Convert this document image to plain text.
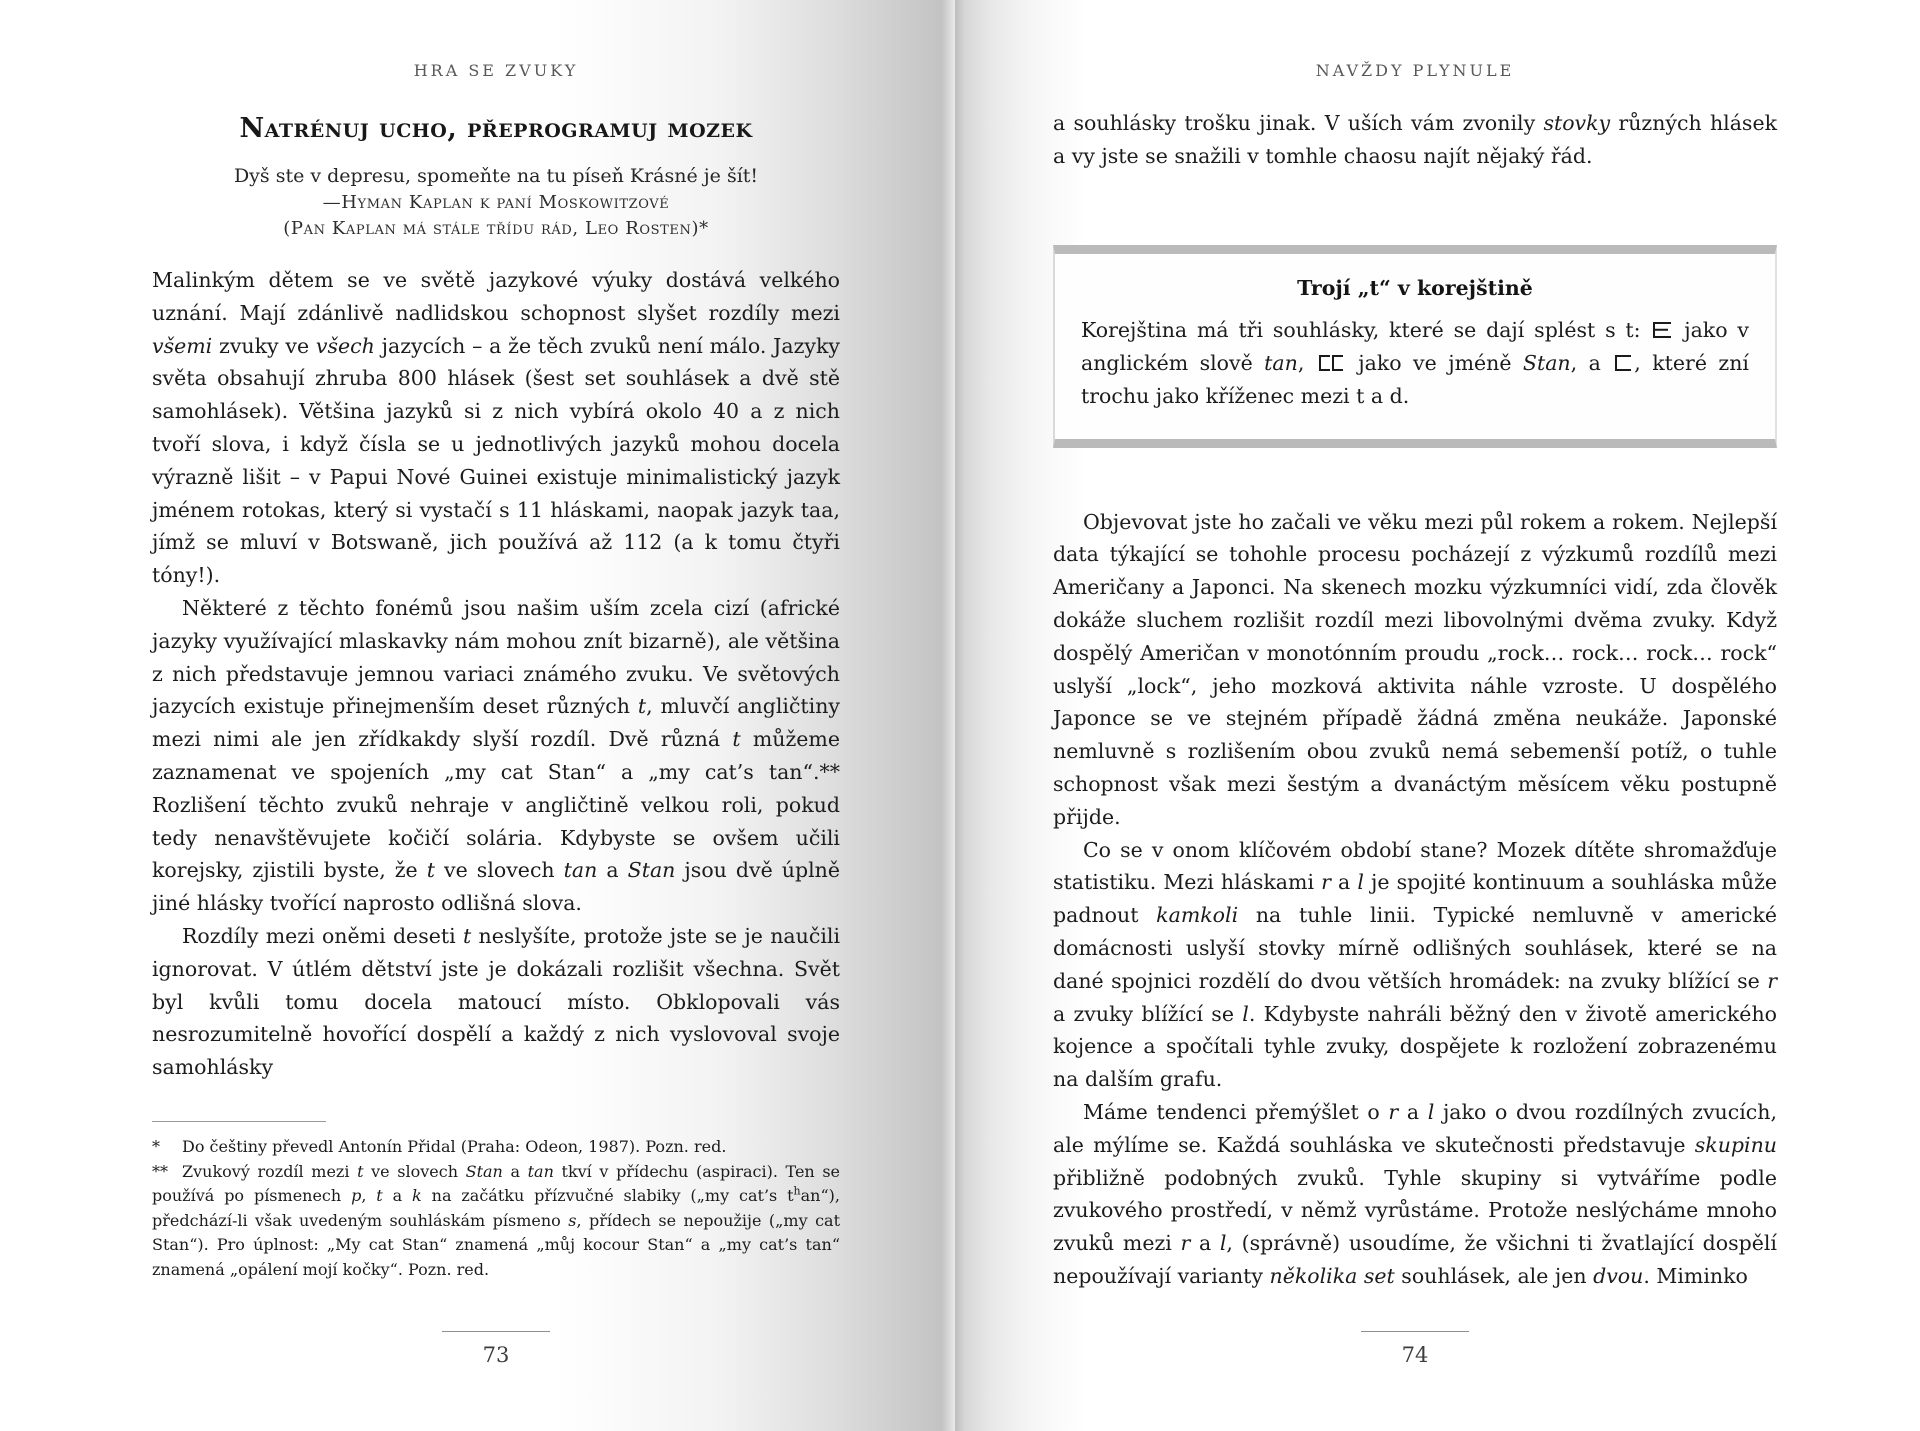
HRA SE ZVUKY
Natrénuj ucho, přeprogramuj mozek
Dyš ste v depresu, spomeňte na tu píseň Krásné je šít!
—Hyman Kaplan k paní Moskowitzové
(Pan Kaplan má stále třídu rád, Leo Rosten)*

Malinkým dětem se ve světě jazykové výuky dostává velkého uznání. Mají zdánlivě nadlidskou schopnost slyšet rozdíly mezi všemi zvuky ve všech jazycích – a že těch zvuků není málo. Jazyky světa obsahují zhruba 800 hlásek (šest set souhlásek a dvě stě samohlásek). Většina jazyků si z nich vybírá okolo 40 a z nich tvoří slova, i když čísla se u jednotlivých jazyků mohou docela výrazně lišit – v Papui Nové Guinei existuje minimalistický jazyk jménem rotokas, který si vystačí s 11 hláskami, naopak jazyk taa, jímž se mluví v Botswaně, jich používá až 112 (a k tomu čtyři tóny!).

Některé z těchto fonémů jsou našim uším zcela cizí (africké jazyky využívající mlaskavky nám mohou znít bizarně), ale většina z nich představuje jemnou variaci známého zvuku. Ve světových jazycích existuje přinejmenším deset různých t, mluvčí angličtiny mezi nimi ale jen zřídkakdy slyší rozdíl. Dvě různá t můžeme zaznamenat ve spojeních „my cat Stan“ a „my cat’s tan“.** Rozlišení těchto zvuků nehraje v angličtině velkou roli, pokud tedy nenavštěvujete kočičí solária. Kdybyste se ovšem učili korejsky, zjistili byste, že t ve slovech tan a Stan jsou dvě úplně jiné hlásky tvořící naprosto odlišná slova.

Rozdíly mezi oněmi deseti t neslyšíte, protože jste se je naučili ignorovat. V útlém dětství jste je dokázali rozlišit všechna. Svět byl kvůli tomu docela matoucí místo. Obklopovali vás nesrozumitelně hovořící dospělí a každý z nich vyslovoval svoje samohlásky

* Do češtiny převedl Antonín Přidal (Praha: Odeon, 1987). Pozn. red.

** Zvukový rozdíl mezi t ve slovech Stan a tan tkví v přídechu (aspiraci). Ten se používá po písmenech p, t a k na začátku přízvučné slabiky („my cat’s $t^han“$), předchází-li však uvedeným souhláskám písmeno s, přídech se nepoužije („my cat Stan“). Pro úplnost: „My cat Stan“ znamená „můj kocour Stan“ a „my cat’s tan“ znamená „opálení mojí kočky“. Pozn. red.

73
NAVŽDY PLYNULE
a souhlásky trošku jinak. V uších vám zvonily stovky různých hlásek a vy jste se snažili v tomhle chaosu najít nějaký řád.
Trojí „t“ v korejštině

Korejština má tři souhlásky, které se dají splést s t:  jako v anglickém slově tan,  jako ve jméně Stan, a , které zní trochu jako kříženec mezi t a d.

Objevovat jste ho začali ve věku mezi půl rokem a rokem. Nejlepší data týkající se tohohle procesu pocházejí z výzkumů rozdílů mezi Američany a Japonci. Na skenech mozku výzkumníci vidí, zda člověk dokáže sluchem rozlišit rozdíl mezi libovolnými dvěma zvuky. Když dospělý Američan v monotónním proudu „rock… rock… rock… rock“ uslyší „lock“, jeho mozková aktivita náhle vzroste. U dospělého Japonce se ve stejném případě žádná změna neukáže. Japonské nemluvně s rozlišením obou zvuků nemá sebemenší potíž, o tuhle schopnost však mezi šestým a dvanáctým měsícem věku postupně přijde.

Co se v onom klíčovém období stane? Mozek dítěte shromažďuje statistiku. Mezi hláskami r a l je spojité kontinuum a souhláska může padnout kamkoli na tuhle linii. Typické nemluvně v americké domácnosti uslyší stovky mírně odlišných souhlásek, které se na dané spojnici rozdělí do dvou větších hromádek: na zvuky blížící se r a zvuky blížící se l. Kdybyste nahráli běžný den v životě amerického kojence a spočítali tyhle zvuky, dospějete k rozložení zobrazenému na dalším grafu.

Máme tendenci přemýšlet o r a l jako o dvou rozdílných zvucích, ale mýlíme se. Každá souhláska ve skutečnosti představuje skupinu přibližně podobných zvuků. Tyhle skupiny si vytváříme podle zvukového prostředí, v němž vyrůstáme. Protože neslýcháme mnoho zvuků mezi r a l, (správně) usoudíme, že všichni ti žvatlající dospělí nepoužívají varianty několika set souhlásek, ale jen dvou. Miminko

74
